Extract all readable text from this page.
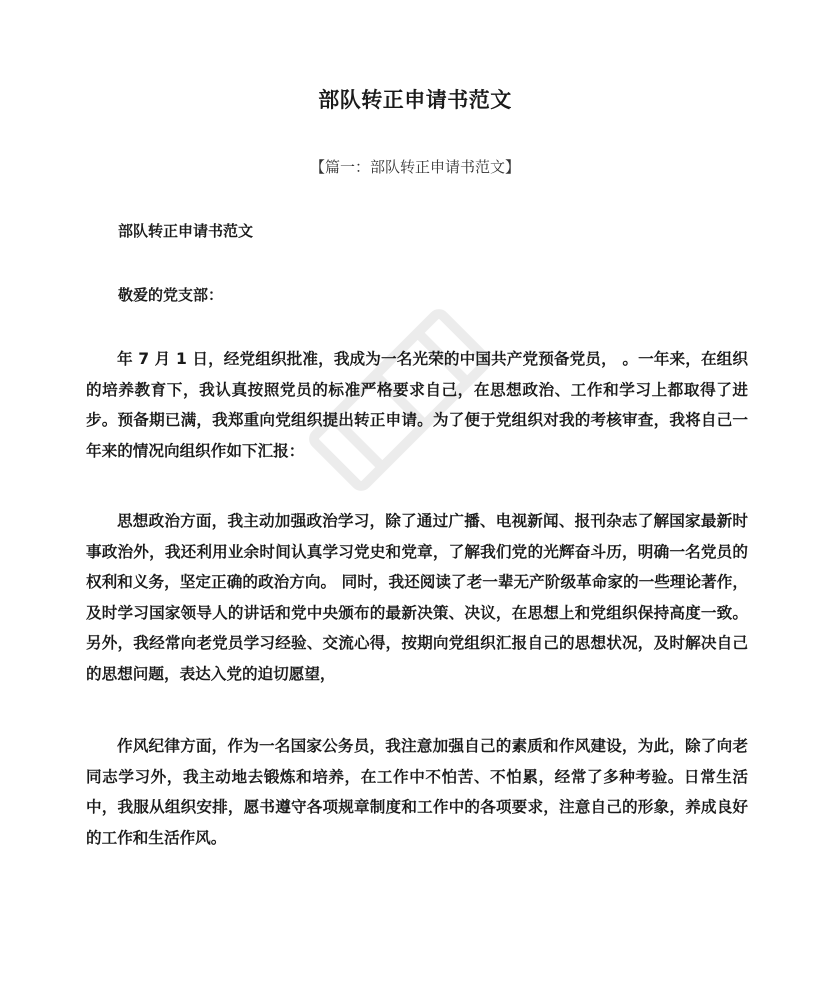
部队转正申请书范文
【篇一：部队转正申请书范文】
部队转正申请书范文
敬爱的党支部：

年 7 月 1 日，经党组织批准，我成为一名光荣的中国共产党预备党员， 。一年来，在组织的培养教育下，我认真按照党员的标准严格要求自己，在思想政治、工作和学习上都取得了进步。预备期已满，我郑重向党组织提出转正申请。为了便于党组织对我的考核审查，我将自己一年来的情况向组织作如下汇报：

思想政治方面，我主动加强政治学习，除了通过广播、电视新闻、报刊杂志了解国家最新时事政治外，我还利用业余时间认真学习党史和党章，了解我们党的光辉奋斗历，明确一名党员的权利和义务，坚定正确的政治方向。 同时，我还阅读了老一辈无产阶级革命家的一些理论著作，及时学习国家领导人的讲话和党中央颁布的最新决策、决议，在思想上和党组织保持高度一致。另外，我经常向老党员学习经验、交流心得，按期向党组织汇报自己的思想状况，及时解决自己的思想问题，表达入党的迫切愿望，

作风纪律方面，作为一名国家公务员，我注意加强自己的素质和作风建设，为此，除了向老同志学习外，我主动地去锻炼和培养，在工作中不怕苦、不怕累，经常了多种考验。日常生活中，我服从组织安排，愿书遵守各项规章制度和工作中的各项要求，注意自己的形象，养成良好的工作和生活作风。
